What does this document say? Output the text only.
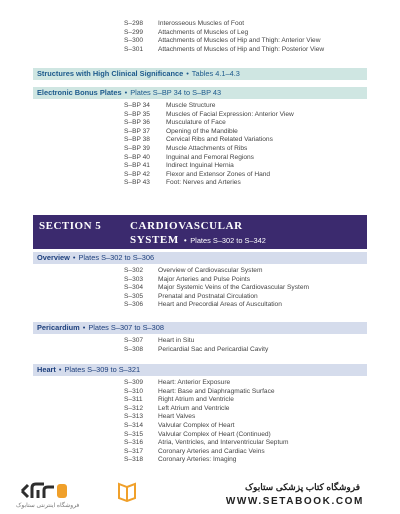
S–298 Interosseous Muscles of Foot
S–299 Attachments of Muscles of Leg
S–300 Attachments of Muscles of Hip and Thigh: Anterior View
S–301 Attachments of Muscles of Hip and Thigh: Posterior View
Structures with High Clinical Significance • Tables 4.1–4.3
Electronic Bonus Plates • Plates S–BP 34 to S–BP 43
S–BP 34 Muscle Structure
S–BP 35 Muscles of Facial Expression: Anterior View
S–BP 36 Musculature of Face
S–BP 37 Opening of the Mandible
S–BP 38 Cervical Ribs and Related Variations
S–BP 39 Muscle Attachments of Ribs
S–BP 40 Inguinal and Femoral Regions
S–BP 41 Indirect Inguinal Hernia
S–BP 42 Flexor and Extensor Zones of Hand
S–BP 43 Foot: Nerves and Arteries
SECTION 5	CARDIOVASCULAR
SYSTEM • Plates S–302 to S–342
Overview • Plates S–302 to S–306
S–302 Overview of Cardiovascular System
S–303 Major Arteries and Pulse Points
S–304 Major Systemic Veins of the Cardiovascular System
S–305 Prenatal and Postnatal Circulation
S–306 Heart and Precordial Areas of Auscultation
Pericardium • Plates S–307 to S–308
S–307 Heart in Situ
S–308 Pericardial Sac and Pericardial Cavity
Heart • Plates S–309 to S–321
S–309 Heart: Anterior Exposure
S–310 Heart: Base and Diaphragmatic Surface
S–311 Right Atrium and Ventricle
S–312 Left Atrium and Ventricle
S–313 Heart Valves
S–314 Valvular Complex of Heart
S–315 Valvular Complex of Heart (Continued)
S–316 Atria, Ventricles, and Interventricular Septum
S–317 Coronary Arteries and Cardiac Veins
S–318 Coronary Arteries: Imaging
فروشگاه اینترنتی ستابوک
فروشگاه کتاب پزشکی ستابوک
WWW.SETABOOK.COM
